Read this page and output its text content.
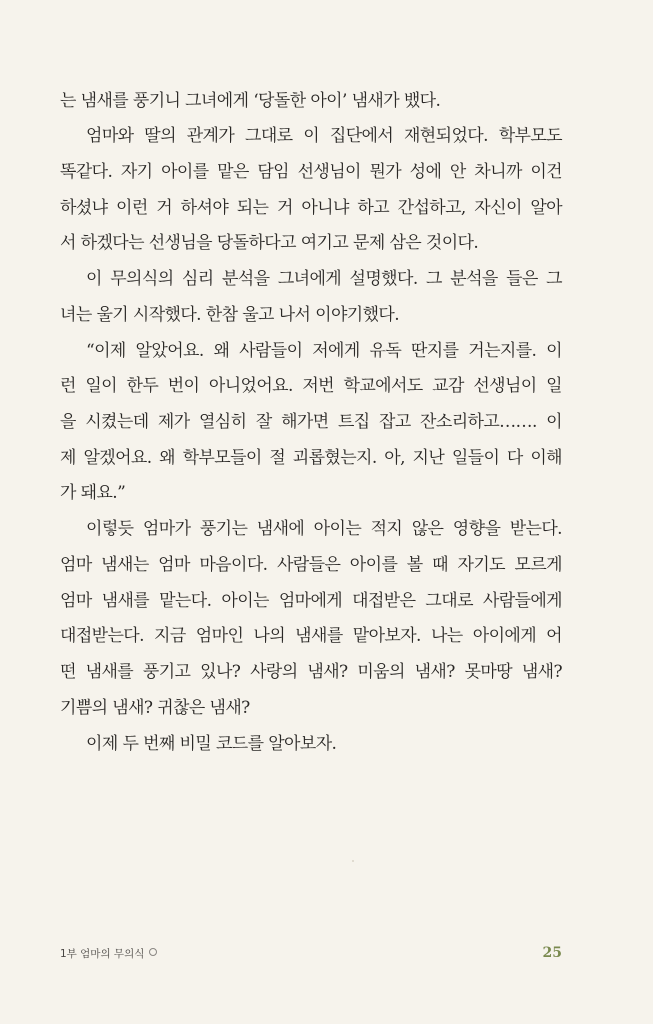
는 냄새를 풍기니 그녀에게 ‘당돌한 아이’ 냄새가 뱄다.
엄마와 딸의 관계가 그대로 이 집단에서 재현되었다. 학부모도
똑같다. 자기 아이를 맡은 담임 선생님이 뭔가 성에 안 차니까 이건
하셨냐 이런 거 하셔야 되는 거 아니냐 하고 간섭하고, 자신이 알아
서 하겠다는 선생님을 당돌하다고 여기고 문제 삼은 것이다.
이 무의식의 심리 분석을 그녀에게 설명했다. 그 분석을 들은 그
녀는 울기 시작했다. 한참 울고 나서 이야기했다.
“이제 알았어요. 왜 사람들이 저에게 유독 딴지를 거는지를. 이
런 일이 한두 번이 아니었어요. 저번 학교에서도 교감 선생님이 일
을 시켰는데 제가 열심히 잘 해가면 트집 잡고 잔소리하고……. 이
제 알겠어요. 왜 학부모들이 절 괴롭혔는지. 아, 지난 일들이 다 이해
가 돼요.”
이렇듯 엄마가 풍기는 냄새에 아이는 적지 않은 영향을 받는다.
엄마 냄새는 엄마 마음이다. 사람들은 아이를 볼 때 자기도 모르게
엄마 냄새를 맡는다. 아이는 엄마에게 대접받은 그대로 사람들에게
대접받는다. 지금 엄마인 나의 냄새를 맡아보자. 나는 아이에게 어
떤 냄새를 풍기고 있나? 사랑의 냄새? 미움의 냄새? 못마땅 냄새?
기쁨의 냄새? 귀찮은 냄새?
이제 두 번째 비밀 코드를 알아보자.
1부 엄마의 무의식	25
